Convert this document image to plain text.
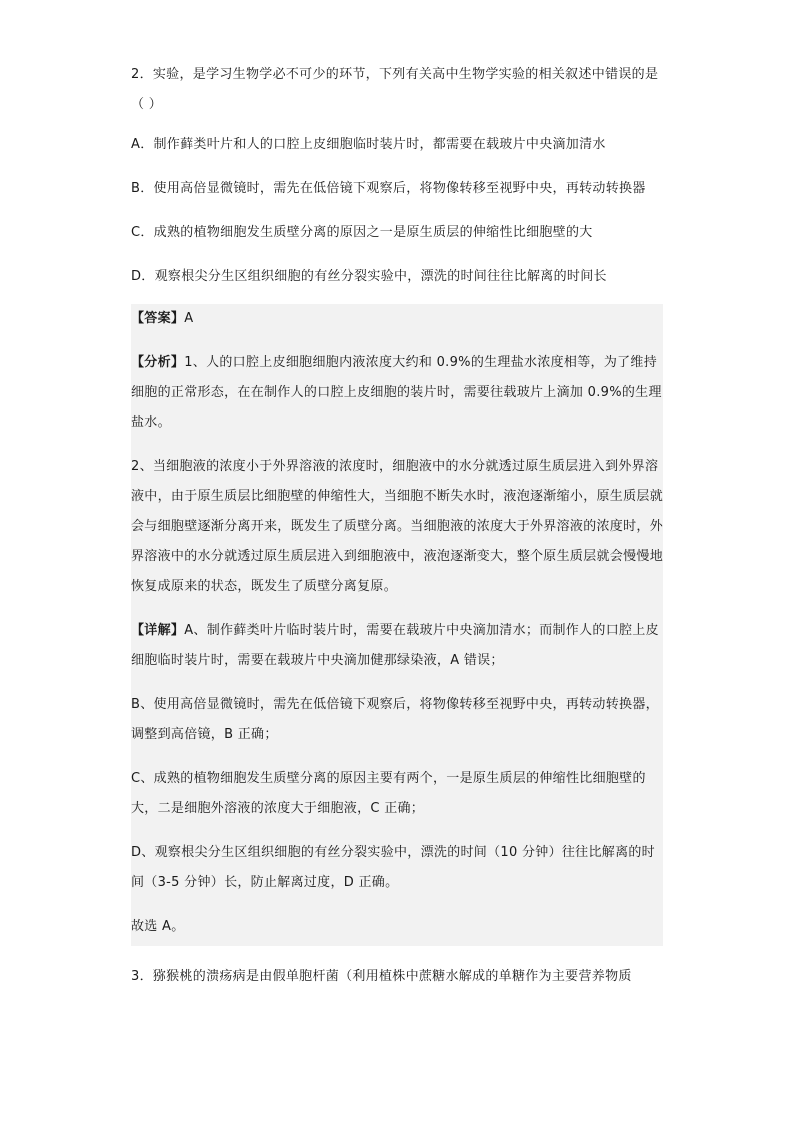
2．实验，是学习生物学必不可少的环节，下列有关高中生物学实验的相关叙述中错误的是（ ）

A．制作藓类叶片和人的口腔上皮细胞临时装片时，都需要在载玻片中央滴加清水

B．使用高倍显微镜时，需先在低倍镜下观察后，将物像转移至视野中央，再转动转换器

C．成熟的植物细胞发生质壁分离的原因之一是原生质层的伸缩性比细胞壁的大

D．观察根尖分生区组织细胞的有丝分裂实验中，漂洗的时间往往比解离的时间长

【答案】A

【分析】1、人的口腔上皮细胞细胞内液浓度大约和 0.9%的生理盐水浓度相等，为了维持细胞的正常形态，在在制作人的口腔上皮细胞的装片时，需要往载玻片上滴加 0.9%的生理盐水。

2、当细胞液的浓度小于外界溶液的浓度时，细胞液中的水分就透过原生质层进入到外界溶液中，由于原生质层比细胞壁的伸缩性大，当细胞不断失水时，液泡逐渐缩小，原生质层就会与细胞壁逐渐分离开来，既发生了质壁分离。当细胞液的浓度大于外界溶液的浓度时，外界溶液中的水分就透过原生质层进入到细胞液中，液泡逐渐变大，整个原生质层就会慢慢地恢复成原来的状态，既发生了质壁分离复原。

【详解】A、制作藓类叶片临时装片时，需要在载玻片中央滴加清水；而制作人的口腔上皮细胞临时装片时，需要在载玻片中央滴加健那绿染液，A 错误；

B、使用高倍显微镜时，需先在低倍镜下观察后，将物像转移至视野中央，再转动转换器，调整到高倍镜，B 正确；

C、成熟的植物细胞发生质壁分离的原因主要有两个，一是原生质层的伸缩性比细胞壁的大，二是细胞外溶液的浓度大于细胞液，C 正确；

D、观察根尖分生区组织细胞的有丝分裂实验中，漂洗的时间（10 分钟）往往比解离的时间（3-5 分钟）长，防止解离过度，D 正确。

故选 A。

3．猕猴桃的溃疡病是由假单胞杆菌（利用植株中蔗糖水解成的单糖作为主要营养物质
